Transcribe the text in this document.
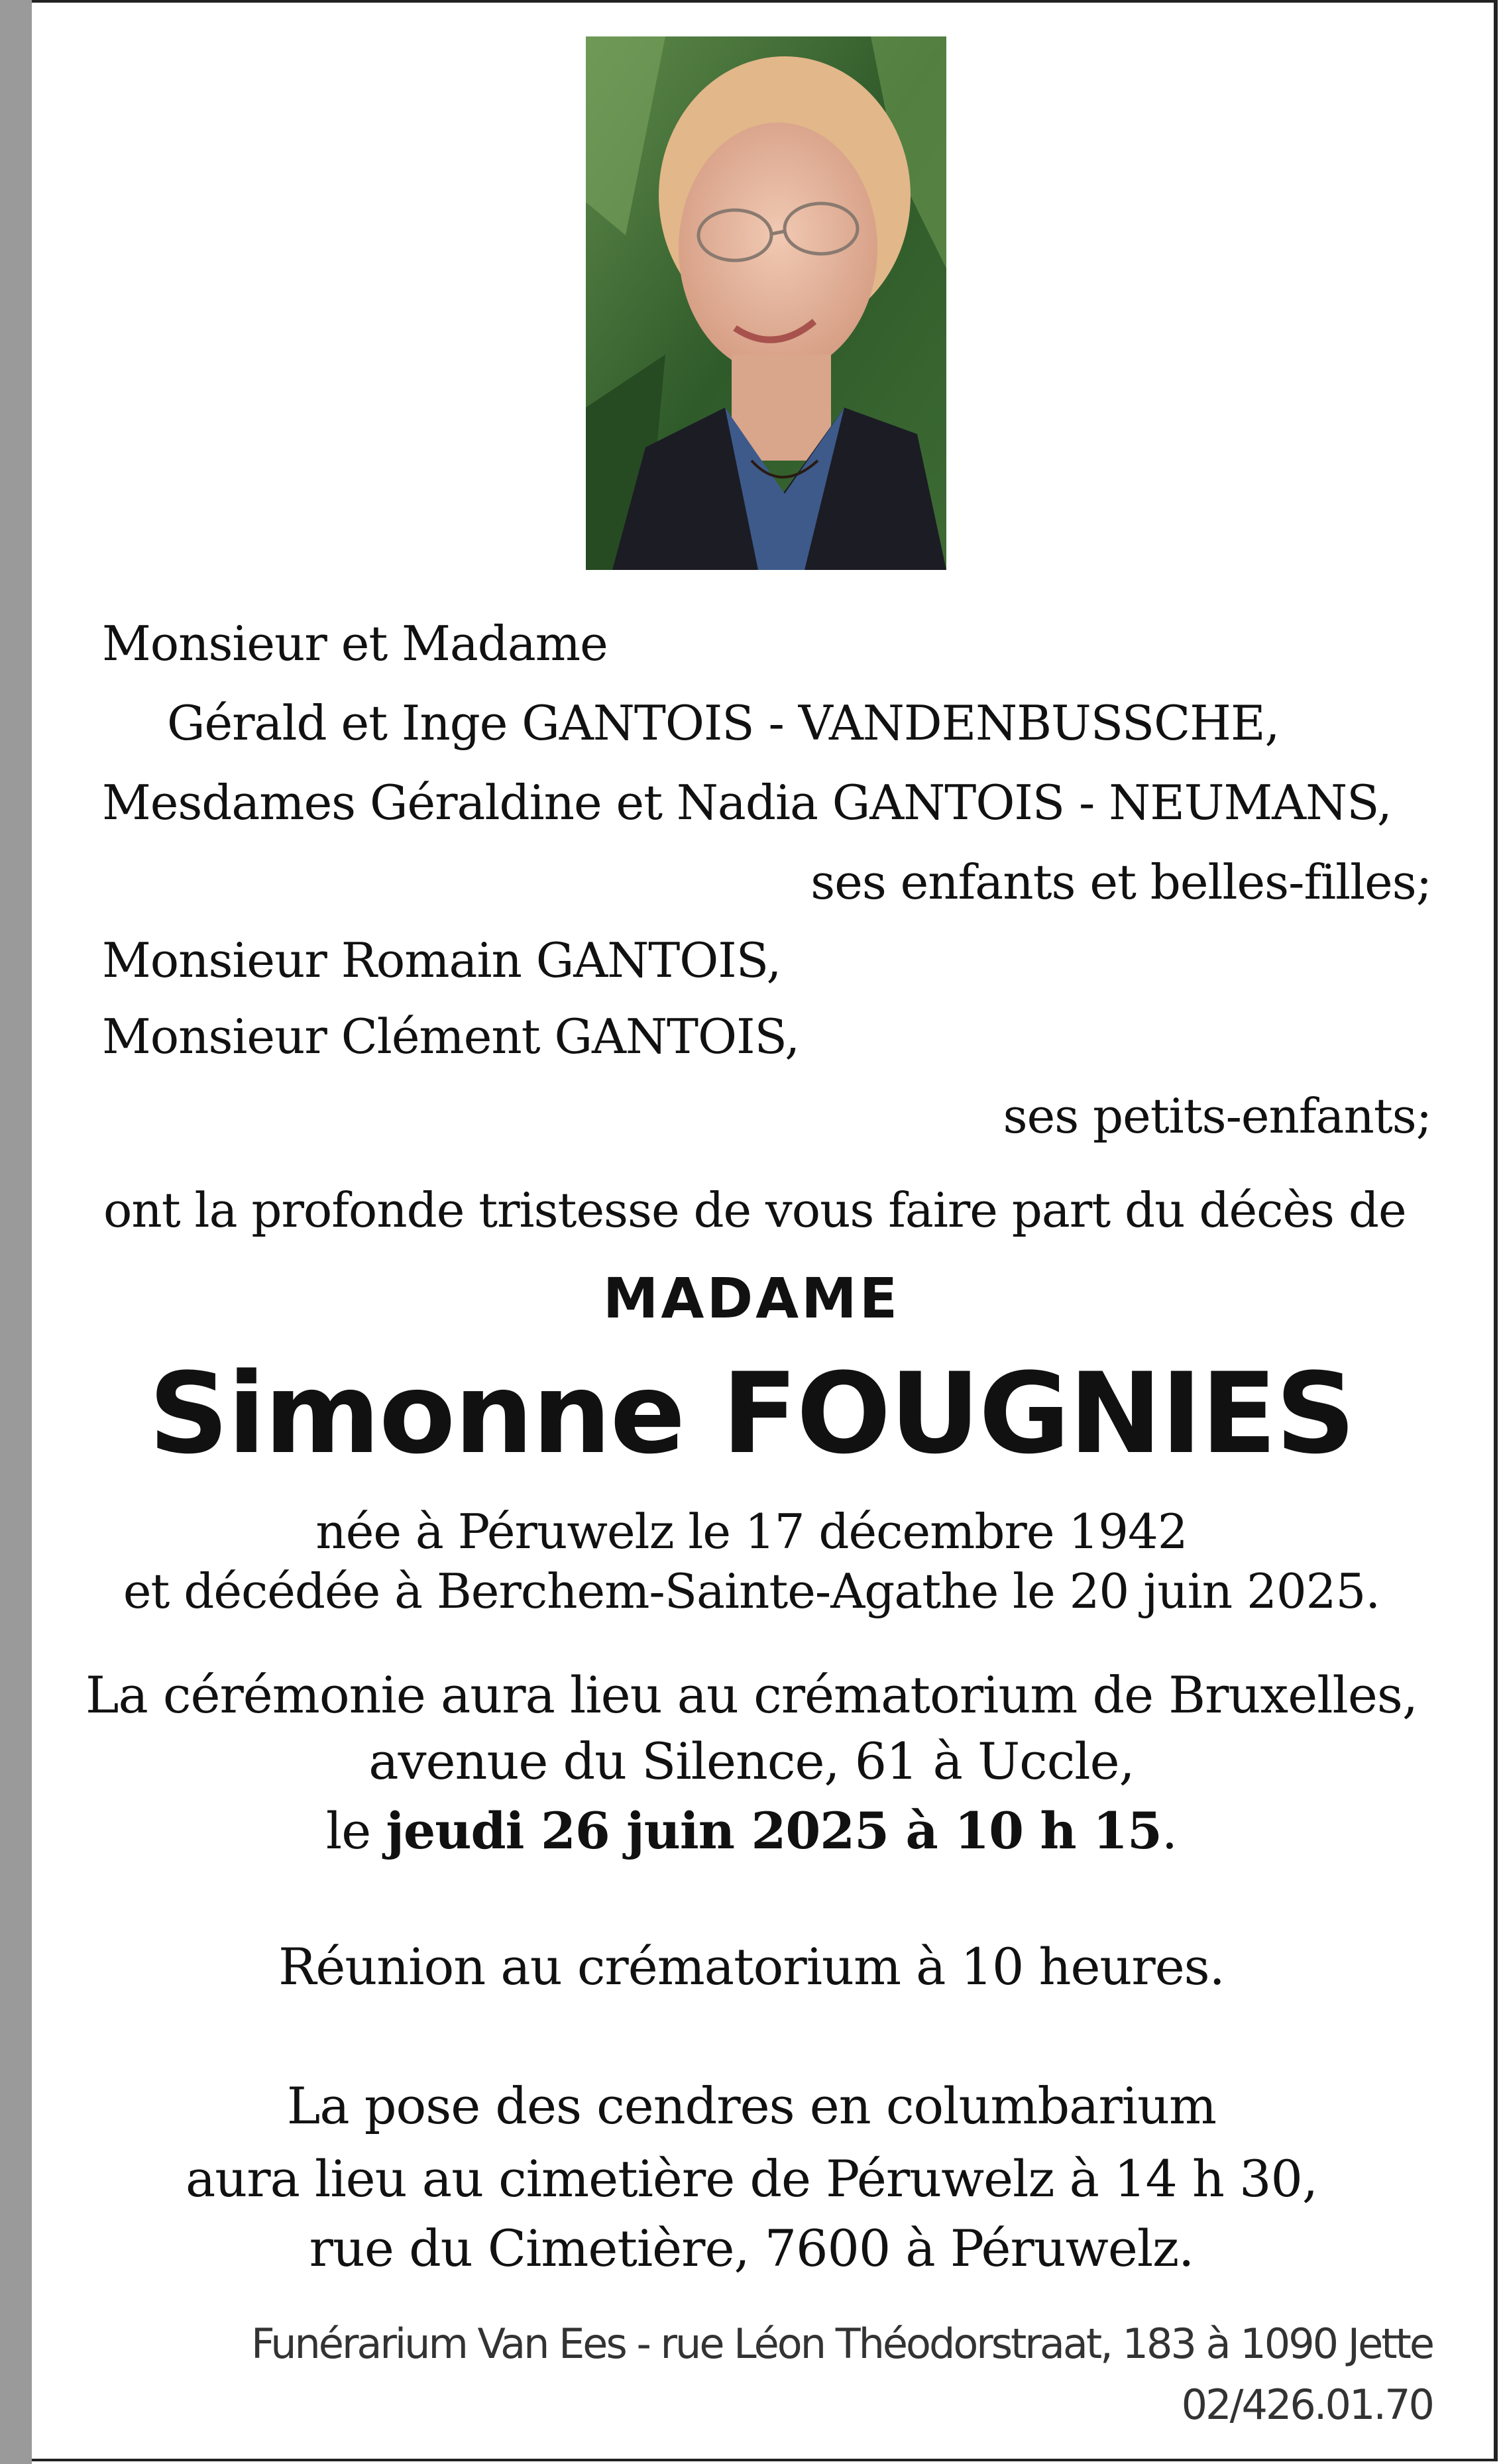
Monsieur et Madame
Gérald et Inge GANTOIS - VANDENBUSSCHE,
Mesdames Géraldine et Nadia GANTOIS - NEUMANS,
ses enfants et belles-filles;
Monsieur Romain GANTOIS,
Monsieur Clément GANTOIS,
ses petits-enfants;
ont la profonde tristesse de vous faire part du décès de
MADAME
Simonne FOUGNIES
née à Péruwelz le 17 décembre 1942
et décédée à Berchem-Sainte-Agathe le 20 juin 2025.
La cérémonie aura lieu au crématorium de Bruxelles,
avenue du Silence, 61 à Uccle,
le jeudi 26 juin 2025 à 10 h 15.
Réunion au crématorium à 10 heures.
La pose des cendres en columbarium
aura lieu au cimetière de Péruwelz à 14 h 30,
rue du Cimetière, 7600 à Péruwelz.
Funérarium Van Ees - rue Léon Théodorstraat, 183 à 1090 Jette
02/426.01.70
